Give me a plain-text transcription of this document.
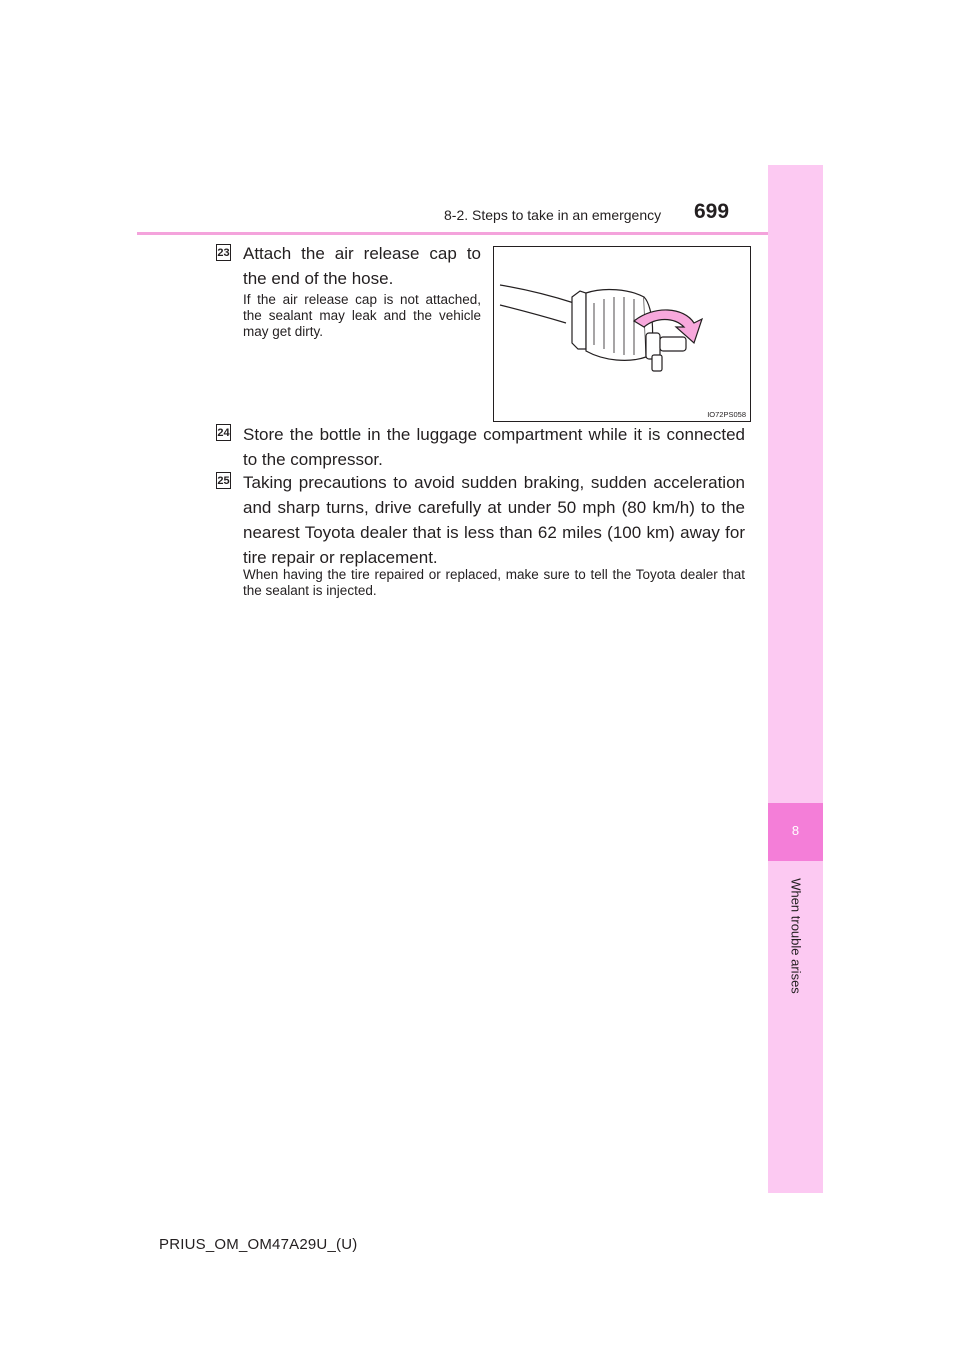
8-2. Steps to take in an emergency 699
8
When trouble arises
23 Attach the air release cap to the end of the hose.
If the air release cap is not attached, the sealant may leak and the vehicle may get dirty.
IO72PS058
24 Store the bottle in the luggage compartment while it is connected to the compressor.
25 Taking precautions to avoid sudden braking, sudden acceleration and sharp turns, drive carefully at under 50 mph (80 km/h) to the nearest Toyota dealer that is less than 62 miles (100 km) away for tire repair or replacement.
When having the tire repaired or replaced, make sure to tell the Toyota dealer that the sealant is injected.
PRIUS_OM_OM47A29U_(U)
